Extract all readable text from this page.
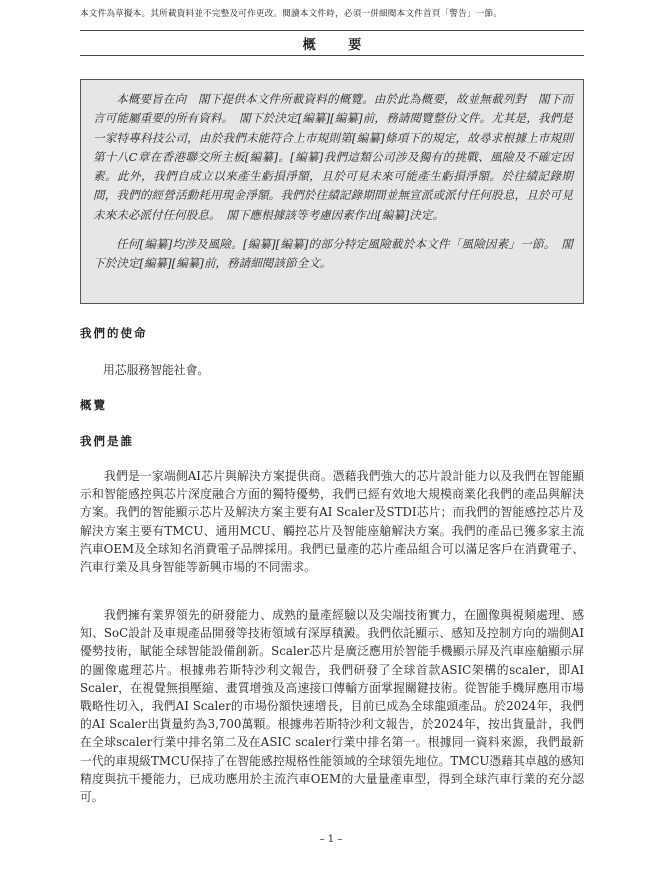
本文件為草擬本。其所載資料並不完整及可作更改。閱讀本文件時，必須一併細閱本文件首頁「警告」一節。
概 要

本概要旨在向　閣下提供本文件所載資料的概覽。由於此為概要，故並無載列對　閣下而言可能屬重要的所有資料。　閣下於決定[編纂][編纂]前，務請閱覽整份文件。尤其是，我們是一家特專科技公司，由於我們未能符合上市規則第[編纂]條項下的規定，故尋求根據上市規則第十八C章在香港聯交所主板[編纂]。[編纂]我們這類公司涉及獨有的挑戰、風險及不確定因素。此外，我們自成立以來產生虧損淨額，且於可見未來可能產生虧損淨額。於往績記錄期間，我們的經營活動耗用現金淨額。我們於往績記錄期間並無宣派或派付任何股息，且於可見未來未必派付任何股息。　閣下應根據該等考慮因素作出[編纂]決定。

任何[編纂]均涉及風險。[編纂][編纂]的部分特定風險載於本文件「風險因素」一節。　閣下於決定[編纂][編纂]前，務請細閱該節全文。

我們的使命
用芯服務智能社會。
概覽
我們是誰

我們是一家端側AI芯片與解決方案提供商。憑藉我們強大的芯片設計能力以及我們在智能顯示和智能感控與芯片深度融合方面的獨特優勢，我們已經有效地大規模商業化我們的產品與解決方案。我們的智能顯示芯片及解決方案主要有AI Scaler及STDI芯片；而我們的智能感控芯片及解決方案主要有TMCU、通用MCU、觸控芯片及智能座艙解決方案。我們的產品已獲多家主流汽車OEM及全球知名消費電子品牌採用。我們已量產的芯片產品組合可以滿足客戶在消費電子、汽車行業及具身智能等新興市場的不同需求。

我們擁有業界領先的研發能力、成熟的量產經驗以及尖端技術實力，在圖像與視頻處理、感知、SoC設計及車規產品開發等技術領域有深厚積澱。我們依託顯示、感知及控制方向的端側AI優勢技術，賦能全球智能設備創新。Scaler芯片是廣泛應用於智能手機顯示屏及汽車座艙顯示屏的圖像處理芯片。根據弗若斯特沙利文報告，我們研發了全球首款ASIC架構的scaler，即AI Scaler，在視覺無損壓縮、畫質增強及高速接口傳輸方面掌握關鍵技術。從智能手機屏應用市場戰略性切入，我們AI Scaler的市場份額快速增長，目前已成為全球龍頭產品。於2024年，我們的AI Scaler出貨量約為3,700萬顆。根據弗若斯特沙利文報告，於2024年，按出貨量計，我們在全球scaler行業中排名第二及在ASIC scaler行業中排名第一。根據同一資料來源，我們最新一代的車規級TMCU保持了在智能感控規格性能領域的全球領先地位。TMCU憑藉其卓越的感知精度與抗干擾能力，已成功應用於主流汽車OEM的大量量產車型，得到全球汽車行業的充分認可。

– 1 –
